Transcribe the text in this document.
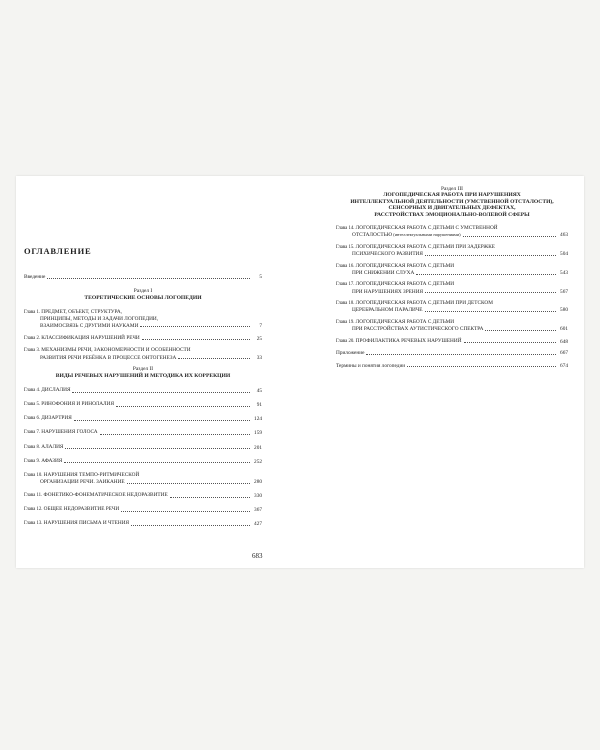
ОГЛАВЛЕНИЕ
Введение	5
Раздел I
ТЕОРЕТИЧЕСКИЕ ОСНОВЫ ЛОГОПЕДИИ
Глава 1. ПРЕДМЕТ, ОБЪЕКТ, СТРУКТУРА,
ПРИНЦИПЫ, МЕТОДЫ И ЗАДАЧИ ЛОГОПЕДИИ,
ВЗАИМОСВЯЗЬ С ДРУГИМИ НАУКАМИ	7
Глава 2. КЛАССИФИКАЦИЯ НАРУШЕНИЙ РЕЧИ	25
Глава 3. МЕХАНИЗМЫ РЕЧИ, ЗАКОНОМЕРНОСТИ И ОСОБЕННОСТИ
РАЗВИТИЯ РЕЧИ РЕБЁНКА В ПРОЦЕССЕ ОНТОГЕНЕЗА	33
Раздел II
ВИДЫ РЕЧЕВЫХ НАРУШЕНИЙ И МЕТОДИКА ИХ КОРРЕКЦИИ
Глава 4. ДИСЛАЛИЯ	45
Глава 5. РИНОФОНИЯ И РИНОЛАЛИЯ	91
Глава 6. ДИЗАРТРИЯ	124
Глава 7. НАРУШЕНИЯ ГОЛОСА	159
Глава 8. АЛАЛИЯ	201
Глава 9. АФАЗИЯ	252
Глава 10. НАРУШЕНИЯ ТЕМПО-РИТМИЧЕСКОЙ
ОРГАНИЗАЦИИ РЕЧИ. ЗАИКАНИЕ	280
Глава 11. ФОНЕТИКО-ФОНЕМАТИЧЕСКОЕ НЕДОРАЗВИТИЕ	330
Глава 12. ОБЩЕЕ НЕДОРАЗВИТИЕ РЕЧИ	367
Глава 13. НАРУШЕНИЯ ПИСЬМА И ЧТЕНИЯ	427
683
Раздел III
ЛОГОПЕДИЧЕСКАЯ РАБОТА ПРИ НАРУШЕНИЯХ
ИНТЕЛЛЕКТУАЛЬНОЙ ДЕЯТЕЛЬНОСТИ (УМСТВЕННОЙ ОТСТАЛОСТИ),
СЕНСОРНЫХ И ДВИГАТЕЛЬНЫХ ДЕФЕКТАХ,
РАССТРОЙСТВАХ ЭМОЦИОНАЛЬНО-ВОЛЕВОЙ СФЕРЫ
Глава 14. ЛОГОПЕДИЧЕСКАЯ РАБОТА С ДЕТЬМИ С УМСТВЕННОЙ
ОТСТАЛОСТЬЮ (интеллектуальными нарушениями)	463
Глава 15. ЛОГОПЕДИЧЕСКАЯ РАБОТА С ДЕТЬМИ ПРИ ЗАДЕРЖКЕ
ПСИХИЧЕСКОГО РАЗВИТИЯ	504
Глава 16. ЛОГОПЕДИЧЕСКАЯ РАБОТА С ДЕТЬМИ
ПРИ СНИЖЕНИИ СЛУХА	543
Глава 17. ЛОГОПЕДИЧЕСКАЯ РАБОТА С ДЕТЬМИ
ПРИ НАРУШЕНИЯХ ЗРЕНИЯ	567
Глава 18. ЛОГОПЕДИЧЕСКАЯ РАБОТА С ДЕТЬМИ ПРИ ДЕТСКОМ
ЦЕРЕБРАЛЬНОМ ПАРАЛИЧЕ	580
Глава 19. ЛОГОПЕДИЧЕСКАЯ РАБОТА С ДЕТЬМИ
ПРИ РАССТРОЙСТВАХ АУТИСТИЧЕСКОГО СПЕКТРА	601
Глава 20. ПРОФИЛАКТИКА РЕЧЕВЫХ НАРУШЕНИЙ	648
Приложение	667
Термины и понятия логопедии	674
